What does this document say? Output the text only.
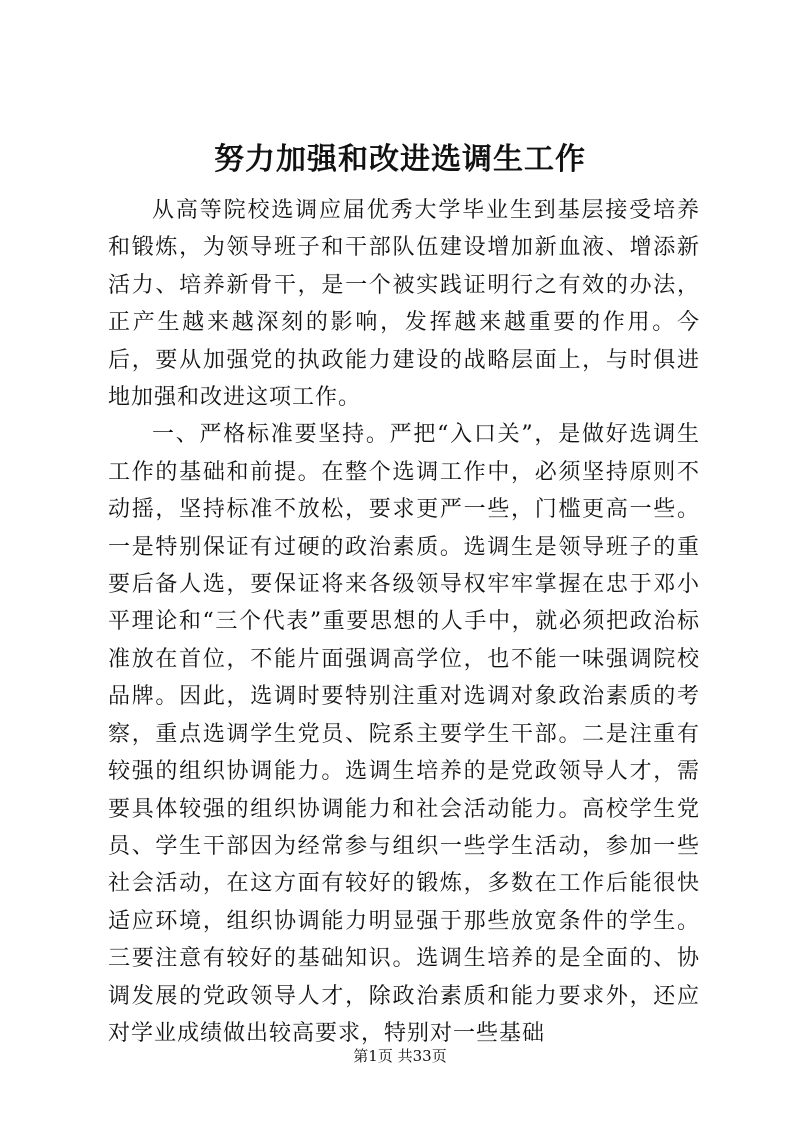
努力加强和改进选调生工作

从高等院校选调应届优秀大学毕业生到基层接受培养和锻炼，为领导班子和干部队伍建设增加新血液、增添新活力、培养新骨干，是一个被实践证明行之有效的办法，正产生越来越深刻的影响，发挥越来越重要的作用。今后，要从加强党的执政能力建设的战略层面上，与时俱进地加强和改进这项工作。

一、严格标准要坚持。严把“入口关”，是做好选调生工作的基础和前提。在整个选调工作中，必须坚持原则不动摇，坚持标准不放松，要求更严一些，门槛更高一些。一是特别保证有过硬的政治素质。选调生是领导班子的重要后备人选，要保证将来各级领导权牢牢掌握在忠于邓小平理论和“三个代表”重要思想的人手中，就必须把政治标准放在首位，不能片面强调高学位，也不能一味强调院校品牌。因此，选调时要特别注重对选调对象政治素质的考察，重点选调学生党员、院系主要学生干部。二是注重有较强的组织协调能力。选调生培养的是党政领导人才，需要具体较强的组织协调能力和社会活动能力。高校学生党员、学生干部因为经常参与组织一些学生活动，参加一些社会活动，在这方面有较好的锻炼，多数在工作后能很快适应环境，组织协调能力明显强于那些放宽条件的学生。三要注意有较好的基础知识。选调生培养的是全面的、协调发展的党政领导人才，除政治素质和能力要求外，还应对学业成绩做出较高要求，特别对一些基础

第1页 共33页
